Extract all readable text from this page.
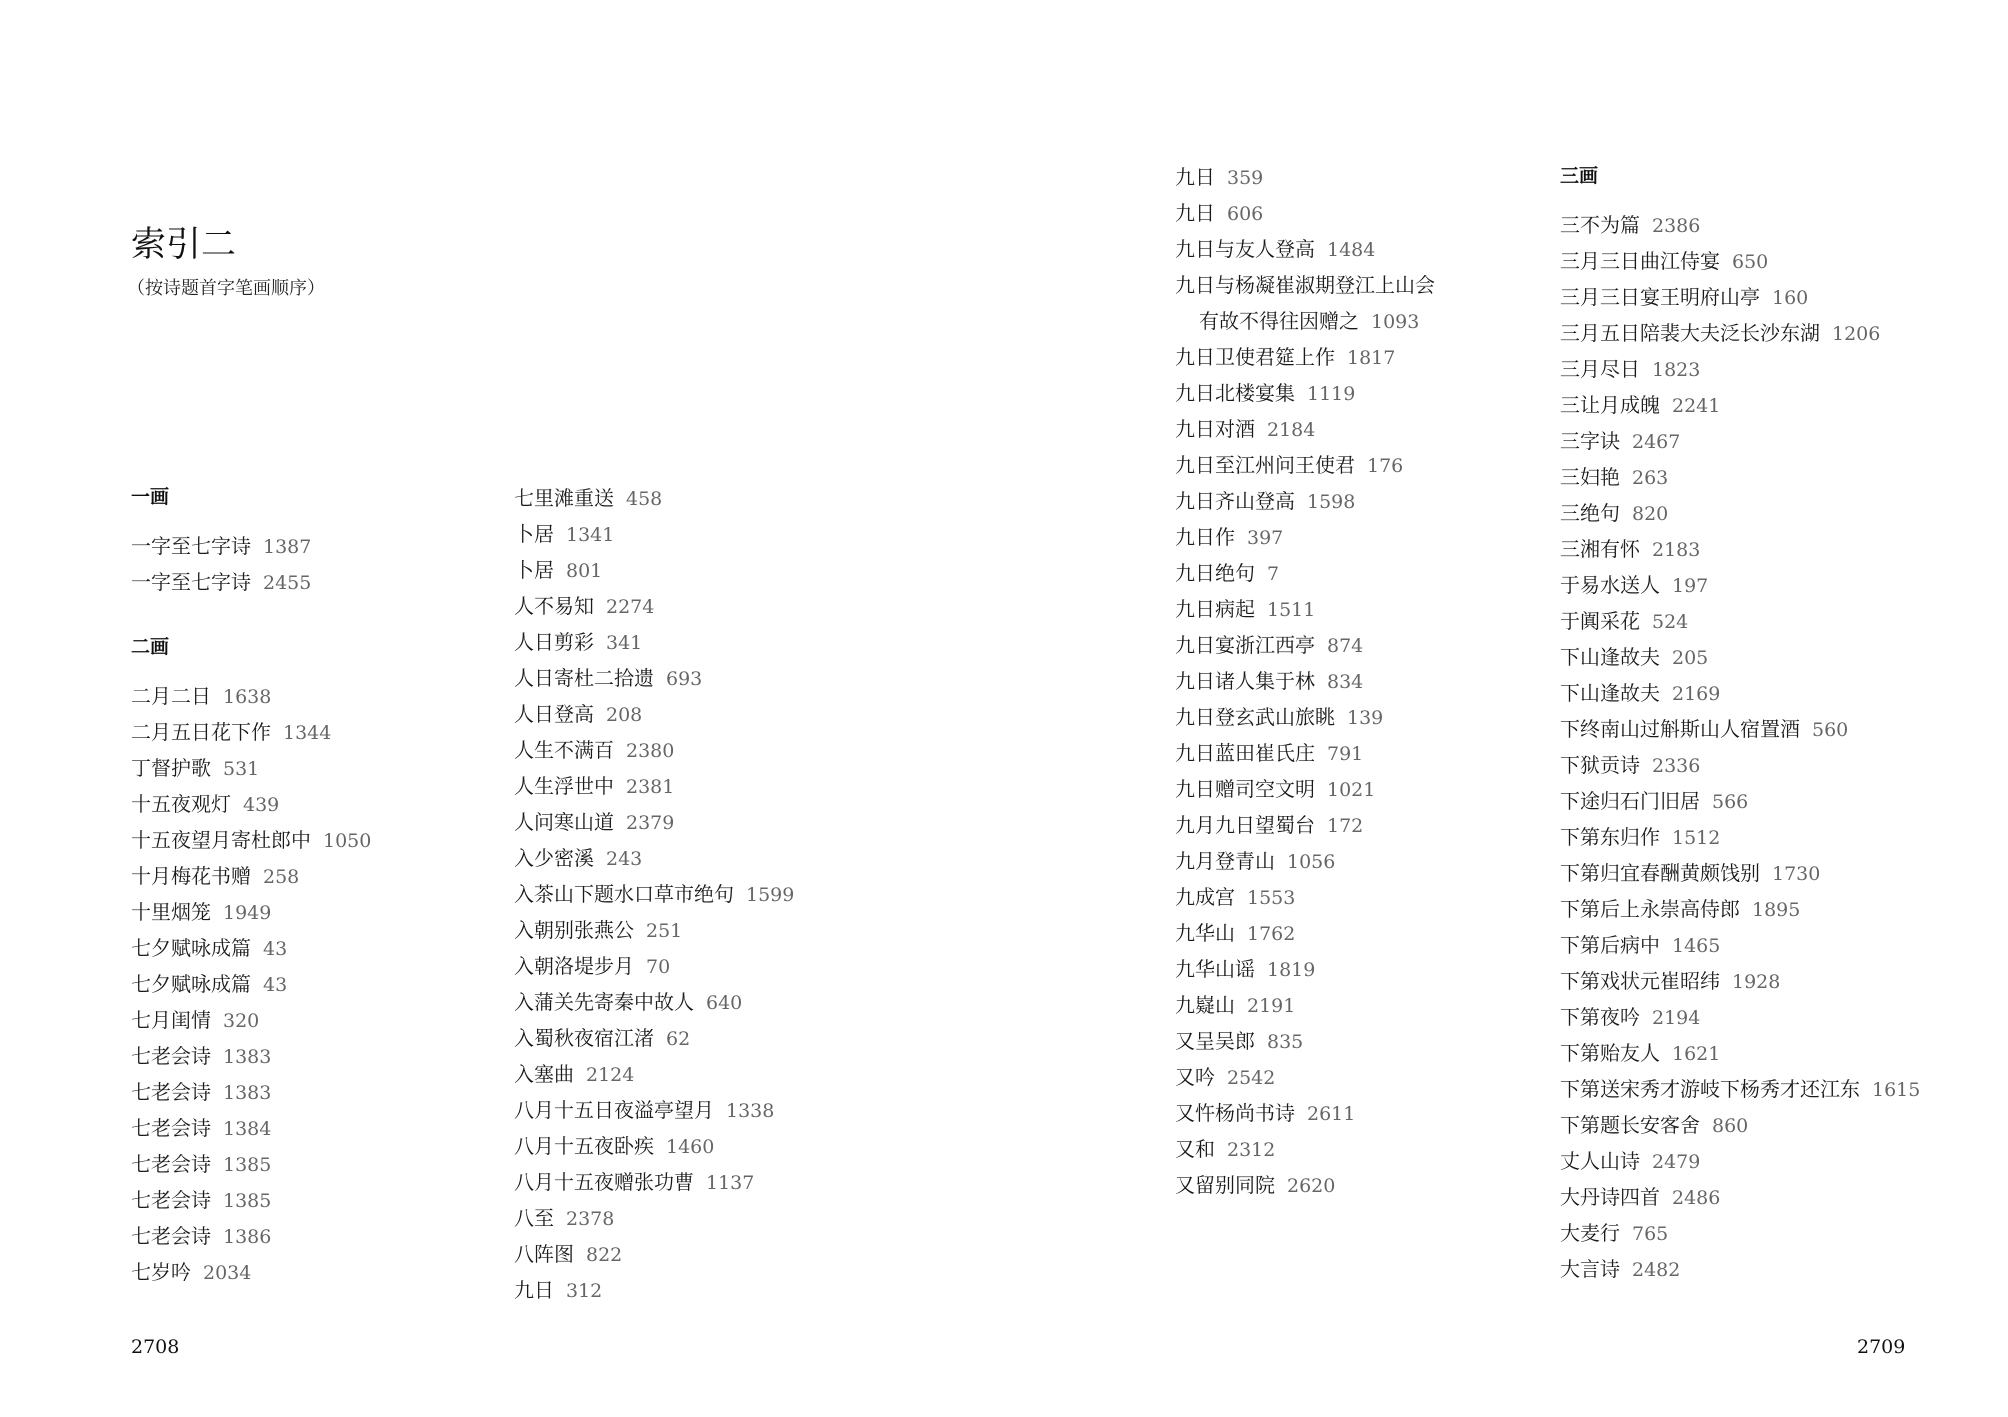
索引二
（按诗题首字笔画顺序）
一画
一字至七字诗 1387
一字至七字诗 2455
二画
二月二日 1638
二月五日花下作 1344
丁督护歌 531
十五夜观灯 439
十五夜望月寄杜郎中 1050
十月梅花书赠 258
十里烟笼 1949
七夕赋咏成篇 43
七夕赋咏成篇 43
七月闺情 320
七老会诗 1383
七老会诗 1383
七老会诗 1384
七老会诗 1385
七老会诗 1385
七老会诗 1386
七岁吟 2034
七里滩重送 458
卜居 1341
卜居 801
人不易知 2274
人日剪彩 341
人日寄杜二拾遗 693
人日登高 208
人生不满百 2380
人生浮世中 2381
人问寒山道 2379
入少密溪 243
入茶山下题水口草市绝句 1599
入朝别张燕公 251
入朝洛堤步月 70
入蒲关先寄秦中故人 640
入蜀秋夜宿江渚 62
入塞曲 2124
八月十五日夜溢亭望月 1338
八月十五夜卧疾 1460
八月十五夜赠张功曹 1137
八至 2378
八阵图 822
九日 312
九日 359
九日 606
九日与友人登高 1484
九日与杨凝崔淑期登江上山会
有故不得往因赠之 1093
九日卫使君筵上作 1817
九日北楼宴集 1119
九日对酒 2184
九日至江州问王使君 176
九日齐山登高 1598
九日作 397
九日绝句 7
九日病起 1511
九日宴浙江西亭 874
九日诸人集于林 834
九日登玄武山旅眺 139
九日蓝田崔氏庄 791
九日赠司空文明 1021
九月九日望蜀台 172
九月登青山 1056
九成宫 1553
九华山 1762
九华山谣 1819
九嶷山 2191
又呈吴郎 835
又吟 2542
又忤杨尚书诗 2611
又和 2312
又留别同院 2620
三画
三不为篇 2386
三月三日曲江侍宴 650
三月三日宴王明府山亭 160
三月五日陪裴大夫泛长沙东湖 1206
三月尽日 1823
三让月成魄 2241
三字诀 2467
三妇艳 263
三绝句 820
三湘有怀 2183
于易水送人 197
于阗采花 524
下山逢故夫 205
下山逢故夫 2169
下终南山过斛斯山人宿置酒 560
下狱贡诗 2336
下途归石门旧居 566
下第东归作 1512
下第归宜春酬黄颇饯别 1730
下第后上永崇高侍郎 1895
下第后病中 1465
下第戏状元崔昭纬 1928
下第夜吟 2194
下第贻友人 1621
下第送宋秀才游岐下杨秀才还江东 1615
下第题长安客舍 860
丈人山诗 2479
大丹诗四首 2486
大麦行 765
大言诗 2482
2708	2709
